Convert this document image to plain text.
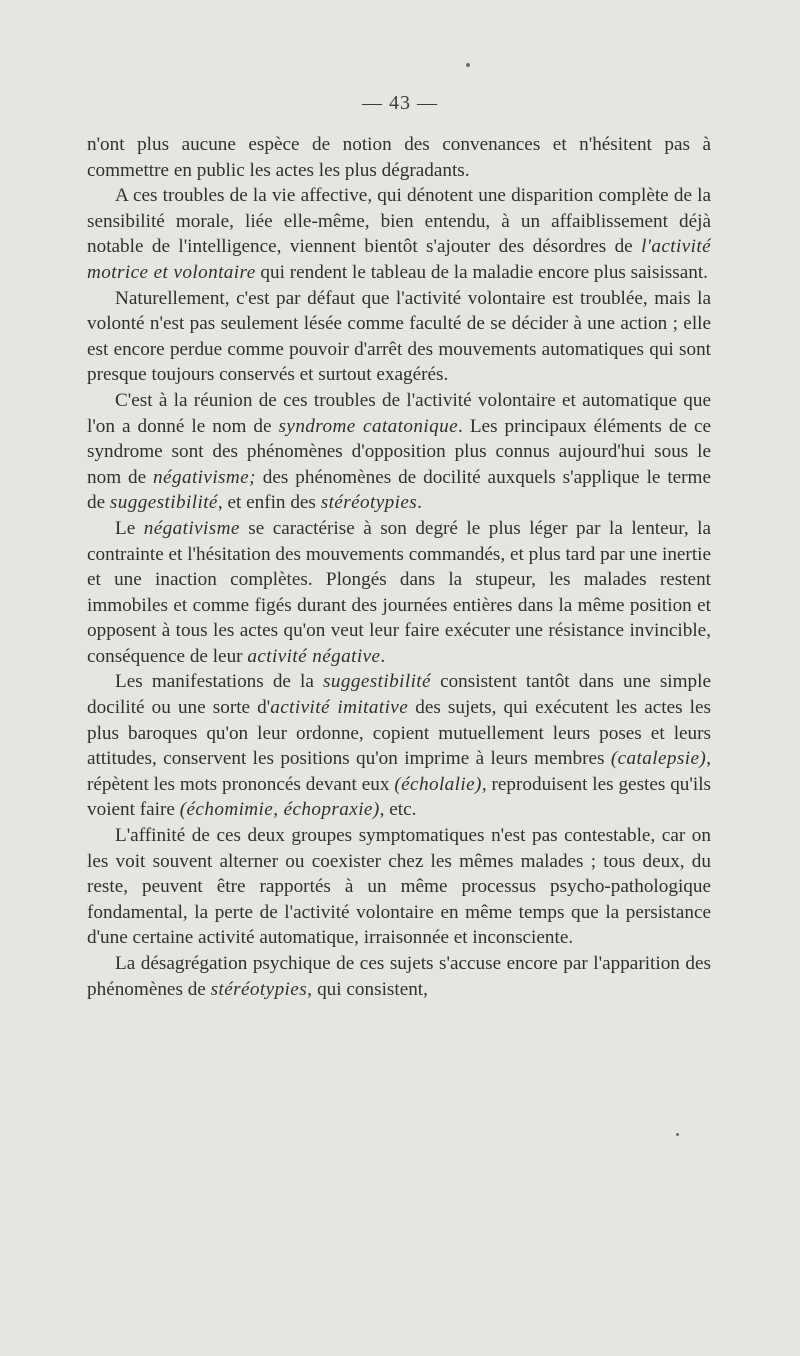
— 43 —

n'ont plus aucune espèce de notion des convenances et n'hésitent pas à commettre en public les actes les plus dégradants.

A ces troubles de la vie affective, qui dénotent une disparition complète de la sensibilité morale, liée elle-même, bien entendu, à un affaiblissement déjà notable de l'intelligence, viennent bientôt s'ajouter des désordres de l'activité motrice et volontaire qui rendent le tableau de la maladie encore plus saisissant.

Naturellement, c'est par défaut que l'activité volontaire est troublée, mais la volonté n'est pas seulement lésée comme faculté de se décider à une action ; elle est encore perdue comme pouvoir d'arrêt des mouvements automatiques qui sont presque toujours conservés et surtout exagérés.

C'est à la réunion de ces troubles de l'activité volontaire et automatique que l'on a donné le nom de syndrome catatonique. Les principaux éléments de ce syndrome sont des phénomènes d'opposition plus connus aujourd'hui sous le nom de négativisme; des phénomènes de docilité auxquels s'applique le terme de suggestibilité, et enfin des stéréotypies.

Le négativisme se caractérise à son degré le plus léger par la lenteur, la contrainte et l'hésitation des mouvements commandés, et plus tard par une inertie et une inaction complètes. Plongés dans la stupeur, les malades restent immobiles et comme figés durant des journées entières dans la même position et opposent à tous les actes qu'on veut leur faire exécuter une résistance invincible, conséquence de leur activité négative.

Les manifestations de la suggestibilité consistent tantôt dans une simple docilité ou une sorte d'activité imitative des sujets, qui exécutent les actes les plus baroques qu'on leur ordonne, copient mutuellement leurs poses et leurs attitudes, conservent les positions qu'on imprime à leurs membres (catalepsie), répètent les mots prononcés devant eux (écholalie), reproduisent les gestes qu'ils voient faire (échomimie, échopraxie), etc.

L'affinité de ces deux groupes symptomatiques n'est pas contestable, car on les voit souvent alterner ou coexister chez les mêmes malades ; tous deux, du reste, peuvent être rapportés à un même processus psycho-pathologique fondamental, la perte de l'activité volontaire en même temps que la persistance d'une certaine activité automatique, irraisonnée et inconsciente.

La désagrégation psychique de ces sujets s'accuse encore par l'apparition des phénomènes de stéréotypies, qui consistent,
